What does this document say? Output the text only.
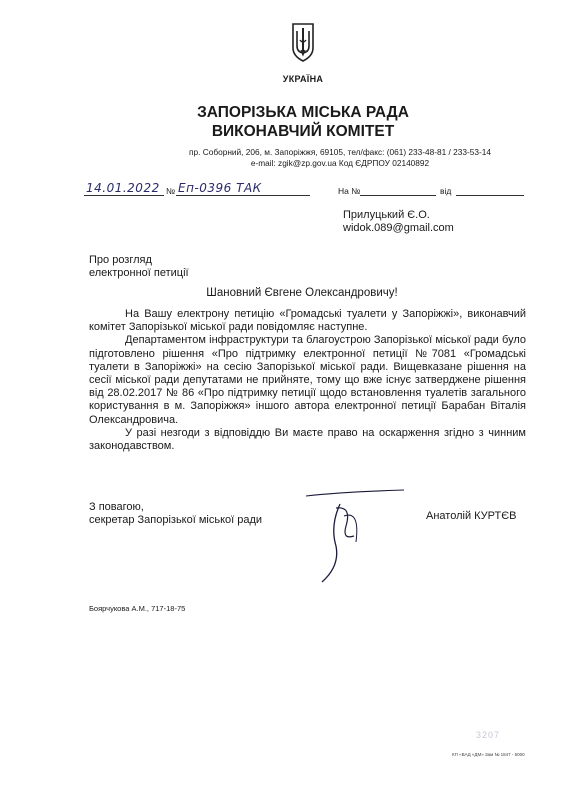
УКРАЇНА
ЗАПОРІЗЬКА МІСЬКА РАДА
ВИКОНАВЧИЙ КОМІТЕТ
пр. Соборний, 206, м. Запоріжжя, 69105, тел/факс: (061) 233-48-81 / 233-53-14
e-mail: zgik@zp.gov.ua Код ЄДРПОУ 02140892
14.01.2022 № Еп-0396 ТАК	На №	від
Прилуцький Є.О.
widok.089@gmail.com
Про розгляд
електронної петиції
Шановний Євгене Олександровичу!

На Вашу електрону петицію «Громадські туалети у Запоріжжі», виконавчий комітет Запорізької міської ради повідомляє наступне.

Департаментом інфраструктури та благоустрою Запорізької міської ради було підготовлено рішення «Про підтримку електронної петиції №7081 «Громадські туалети в Запоріжжі» на сесію Запорізької міської ради. Вищевказане рішення на сесії міської ради депутатами не прийняте, тому що вже існує затверджене рішення від 28.02.2017 № 86 «Про підтримку петиції щодо встановлення туалетів загального користування в м. Запоріжжя» іншого автора електронної петиції Барабан Віталія Олександровича.

У разі незгоди з відповіддю Ви маєте право на оскарження згідно з чинним законодавством.

З повагою,
секретар Запорізької міської ради	Анатолій КУРТЄВ
Боярчукова А.М., 717-18-75
3207
КП «ВАД «ДМ» Зам № 1847 - 5000
